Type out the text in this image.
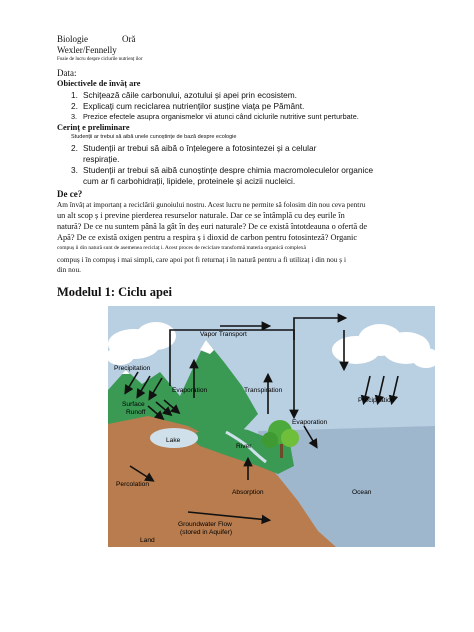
Biologie	Oră
Wexler/Fennelly
Foaie de lucru despre ciclurile nutrienț ilor
Data:
Obiectivele de învăț are
1. Schițează căile carbonului, azotului și apei prin ecosistem.
2. Explicați cum reciclarea nutrienților susține viața pe Pământ.
3. Prezice efectele asupra organismelor vii atunci când ciclurile nutritive sunt perturbate.
Cerinț e preliminare
Studenții ar trebui să aibă unele cunoștințe de bază despre ecologie
2. Studenții ar trebui să aibă o înțelegere a fotosintezei și a celular
respirație.
3. Studenții ar trebui să aibă cunoștințe despre chimia macromoleculelor organice
cum ar fi carbohidrații, lipidele, proteinele și acizii nucleici.
De ce?
Am învăț at importanț a reciclării gunoiului nostru. Acest lucru ne permite să folosim din nou ceva pentru
un alt scop ș i previne pierderea resurselor naturale. Dar ce se întâmplă cu deș eurile în
natură? De ce nu suntem până la gât în deș euri naturale? De ce există întotdeauna o ofertă de
Apă? De ce există oxigen pentru a respira ș i dioxid de carbon pentru fotosinteză? Organic
compuș ii din natură sunt de asemenea reciclaț i. Acest proces de reciclare transformă materia organică complexă
compuș i în compuș i mai simpli, care apoi pot fi returnaț i în natură pentru a fi utilizaț i din nou ș i
din nou.
Modelul 1: Ciclu apei
Vapor Transport
Precipitation
Evaporation	Transpiration
Precipitation
Evaporation
Surface
Runoff
Lake
River
Ocean
Percolation
Absorption
Groundwater Flow
(stored in Aquifer)
Land
